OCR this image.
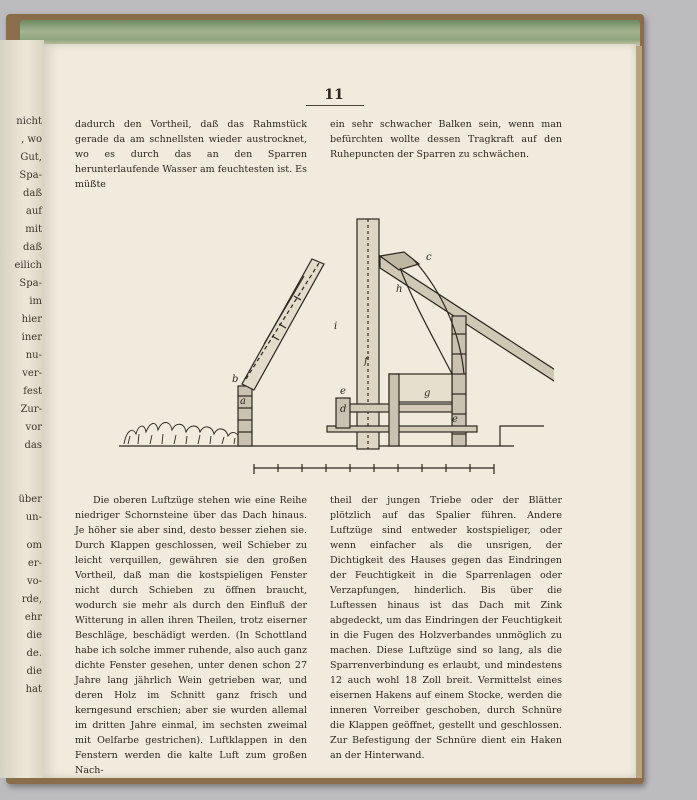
nicht
, wo
Gut,
Spa-
daß
auf
mit
daß
eilich
Spa-
im
hier
iner
nu-
ver-
fest
Zur-
vor
das
über
un-
om
er-
vo-
rde,
ehr
die
de.
die
hat
11

dadurch den Vortheil, daß das Rahmstück gerade da am schnellsten wieder austrocknet, wo es durch das an den Sparren herunterlaufende Wasser am feuchtesten ist. Es müßte

ein sehr schwacher Balken sein, wenn man befürchten wollte dessen Tragkraft auf den Ruhepuncten der Sparren zu schwächen.

a
b
d
e
e
f
g
h
i
c

Die oberen Luftzüge stehen wie eine Reihe niedriger Schornsteine über das Dach hinaus. Je höher sie aber sind, desto besser ziehen sie. Durch Klappen geschlossen, weil Schieber zu leicht verquillen, gewähren sie den großen Vortheil, daß man die kostspieligen Fenster nicht durch Schieben zu öffnen braucht, wodurch sie mehr als durch den Einfluß der Witterung in allen ihren Theilen, trotz eiserner Beschläge, beschädigt werden. (In Schottland habe ich solche immer ruhende, also auch ganz dichte Fenster gesehen, unter denen schon 27 Jahre lang jährlich Wein getrieben war, und deren Holz im Schnitt ganz frisch und kerngesund erschien; aber sie wurden allemal im dritten Jahre einmal, im sechsten zweimal mit Oelfarbe gestrichen). Luftklappen in den Fenstern werden die kalte Luft zum großen Nach-

theil der jungen Triebe oder der Blätter plötzlich auf das Spalier führen. Andere Luftzüge sind entweder kostspieliger, oder wenn einfacher als die unsrigen, der Dichtigkeit des Hauses gegen das Eindringen der Feuchtigkeit in die Sparrenlagen oder Verzapfungen, hinderlich. Bis über die Luftessen hinaus ist das Dach mit Zink abgedeckt, um das Eindringen der Feuchtigkeit in die Fugen des Holzverbandes unmöglich zu machen. Diese Luftzüge sind so lang, als die Sparrenverbindung es erlaubt, und mindestens 12 auch wohl 18 Zoll breit. Vermittelst eines eisernen Hakens auf einem Stocke, werden die inneren Vorreiber geschoben, durch Schnüre die Klappen geöffnet, gestellt und geschlossen. Zur Befestigung der Schnüre dient ein Haken an der Hinterwand.
